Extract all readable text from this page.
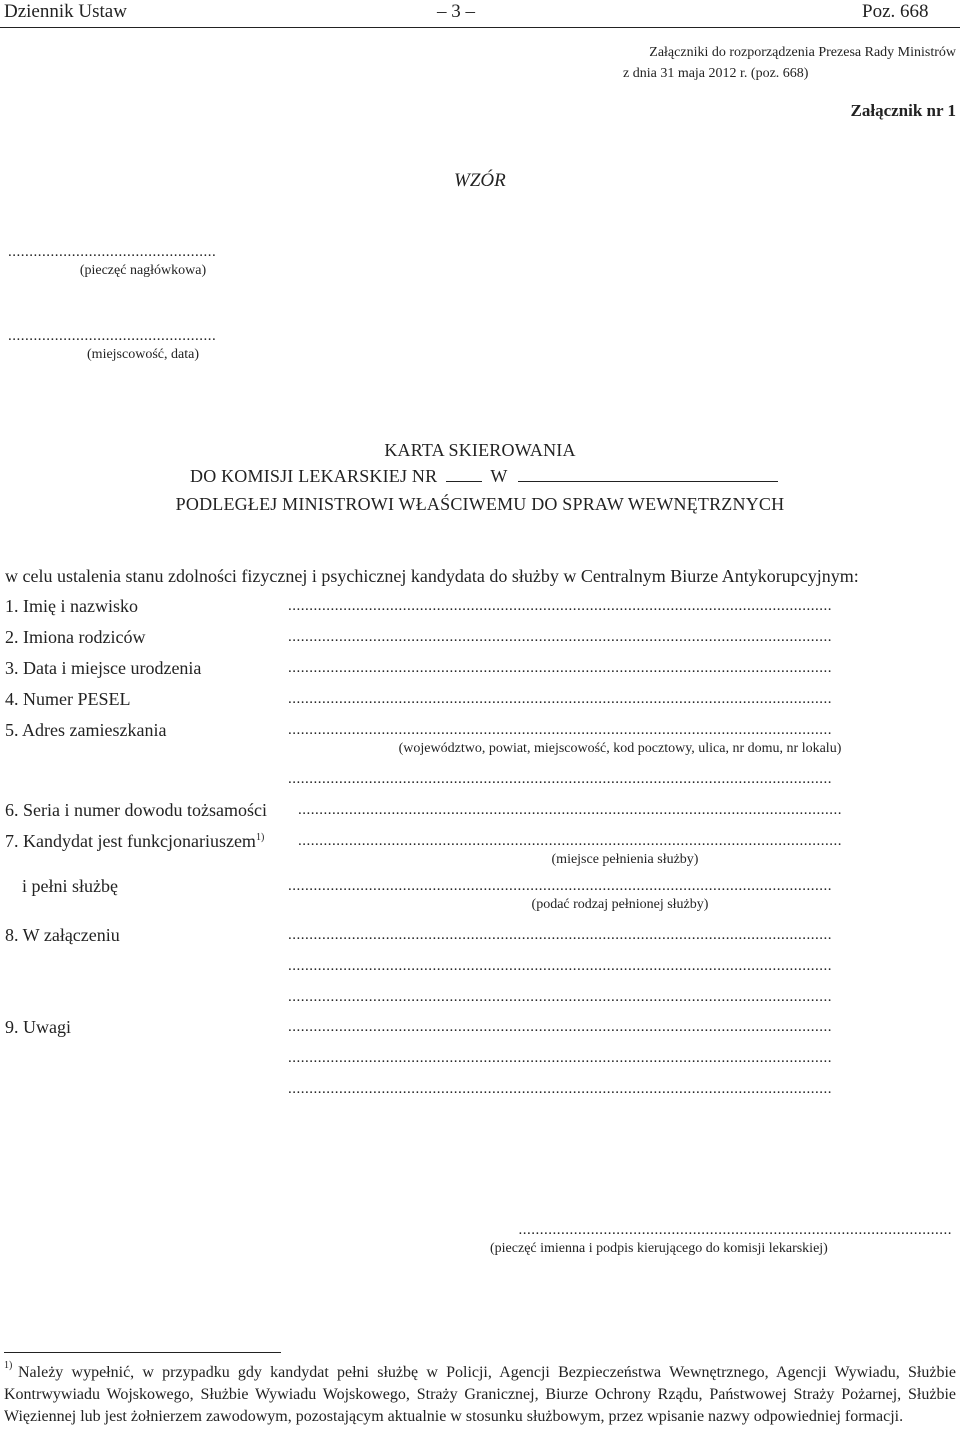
Dziennik Ustaw	– 3 –	Poz. 668
Załączniki do rozporządzenia Prezesa Rady Ministrów
z dnia 31 maja 2012 r. (poz. 668)
Załącznik nr 1
WZÓR
.................................................
(pieczęć nagłówkowa)
.................................................
(miejscowość, data)
KARTA SKIEROWANIA
DO KOMISJI LEKARSKIEJ NR	W
PODLEGŁEJ MINISTROWI WŁAŚCIWEMU DO SPRAW WEWNĘTRZNYCH
w celu ustalenia stanu zdolności fizycznej i psychicznej kandydata do służby w Centralnym Biurze Antykorupcyjnym:
1. Imię i nazwisko	................................................................................................................................
2. Imiona rodziców	................................................................................................................................
3. Data i miejsce urodzenia	................................................................................................................................
4. Numer PESEL	................................................................................................................................
5. Adres zamieszkania	................................................................................................................................
(województwo, powiat, miejscowość, kod pocztowy, ulica, nr domu, nr lokalu)
................................................................................................................................
6. Seria i numer dowodu tożsamości ................................................................................................................................
7. Kandydat jest funkcjonariuszem$^{1)}$ ................................................................................................................................
(miejsce pełnienia służby)
i pełni służbę	................................................................................................................................
(podać rodzaj pełnionej służby)
8. W załączeniu	................................................................................................................................
................................................................................................................................
................................................................................................................................
9. Uwagi	................................................................................................................................
................................................................................................................................
................................................................................................................................
......................................................................................................
(pieczęć imienna i podpis kierującego do komisji lekarskiej)
1) Należy wypełnić, w przypadku gdy kandydat pełni służbę w Policji, Agencji Bezpieczeństwa Wewnętrznego, Agencji Wywiadu, Służbie Kontrwywiadu Wojskowego, Służbie Wywiadu Wojskowego, Straży Granicznej, Biurze Ochrony Rządu, Państwowej Straży Pożarnej, Służbie Więziennej lub jest żołnierzem zawodowym, pozostającym aktualnie w stosunku służbowym, przez wpisanie nazwy odpowiedniej formacji.
